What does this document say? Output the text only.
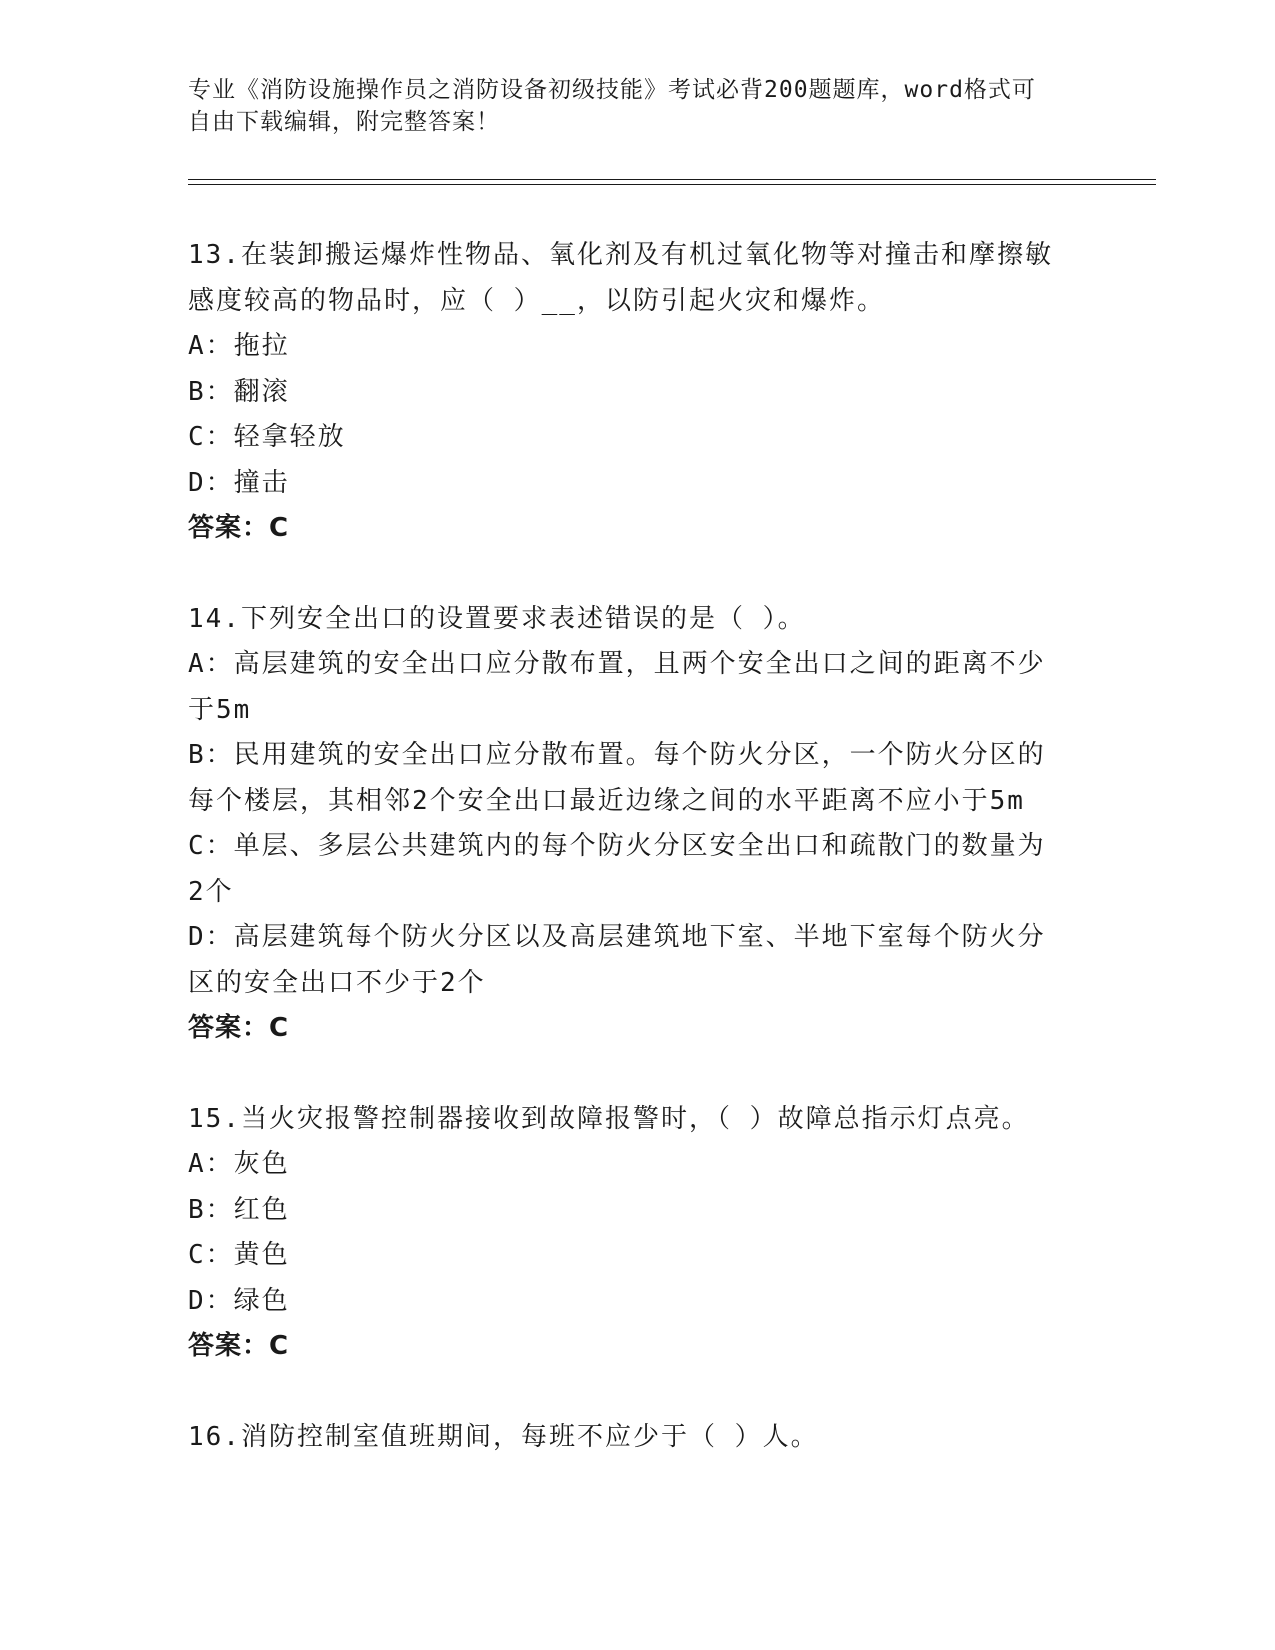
专业《消防设施操作员之消防设备初级技能》考试必背200题题库，word格式可
自由下载编辑，附完整答案！
13.在装卸搬运爆炸性物品、氧化剂及有机过氧化物等对撞击和摩擦敏
感度较高的物品时，应（ ）__，以防引起火灾和爆炸。
A：拖拉
B：翻滚
C：轻拿轻放
D：撞击
答案：C
14.下列安全出口的设置要求表述错误的是（ ）。
A：高层建筑的安全出口应分散布置，且两个安全出口之间的距离不少
于5m
B：民用建筑的安全出口应分散布置。每个防火分区，一个防火分区的
每个楼层，其相邻2个安全出口最近边缘之间的水平距离不应小于5m
C：单层、多层公共建筑内的每个防火分区安全出口和疏散门的数量为
2个
D：高层建筑每个防火分区以及高层建筑地下室、半地下室每个防火分
区的安全出口不少于2个
答案：C
15.当火灾报警控制器接收到故障报警时，（ ）故障总指示灯点亮。
A：灰色
B：红色
C：黄色
D：绿色
答案：C
16.消防控制室值班期间，每班不应少于（ ）人。
